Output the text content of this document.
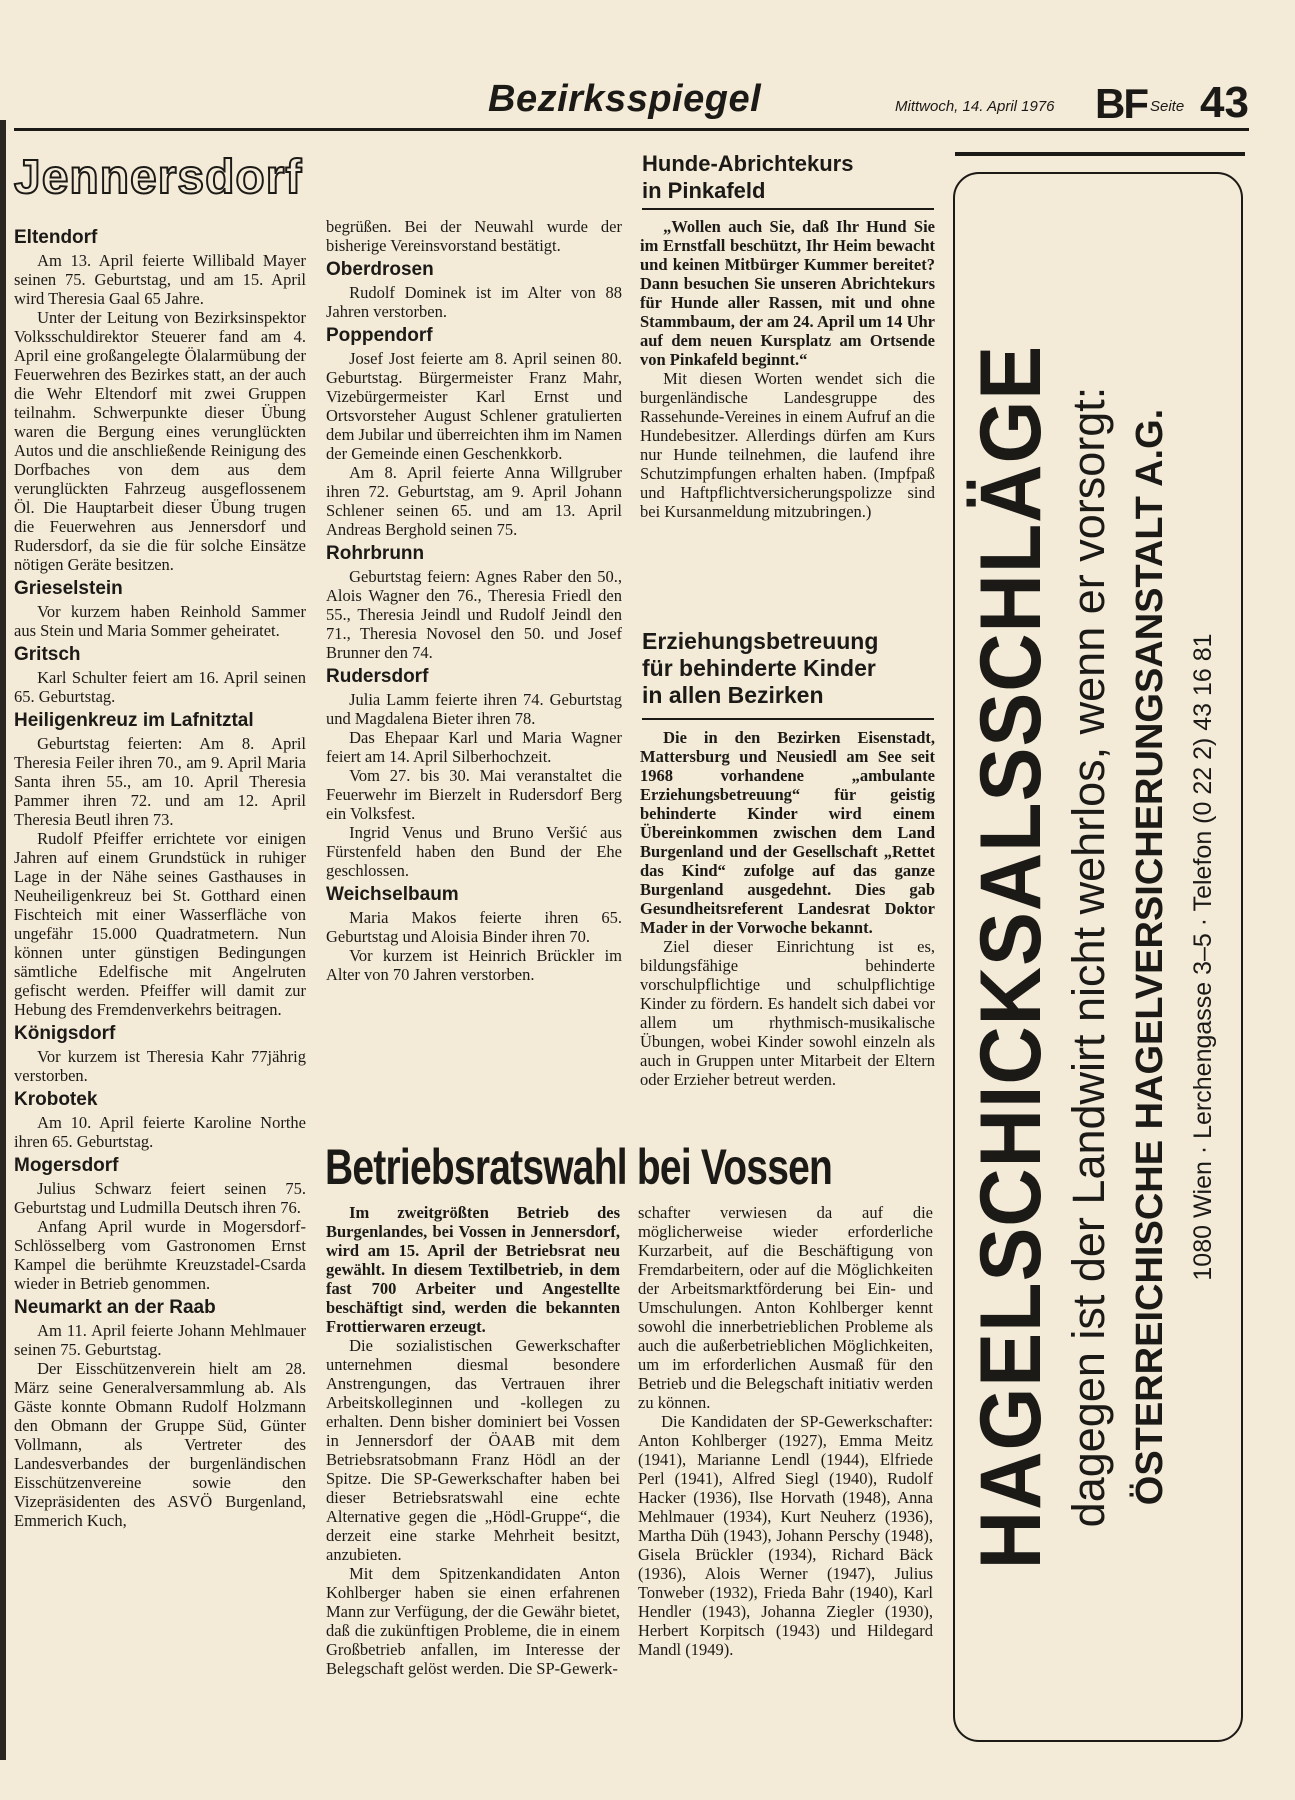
Bezirksspiegel	Mittwoch, 14. April 1976 BF Seite 43
Jennersdorf
Eltendorf

Am 13. April feierte Willibald Mayer seinen 75. Geburtstag, und am 15. April wird Theresia Gaal 65 Jahre.

Unter der Leitung von Bezirksinspektor Volksschuldirektor Steuerer fand am 4. April eine großangelegte Ölalarmübung der Feuerwehren des Bezirkes statt, an der auch die Wehr Eltendorf mit zwei Gruppen teilnahm. Schwerpunkte dieser Übung waren die Bergung eines verunglückten Autos und die anschließende Reinigung des Dorfbaches von dem aus dem verunglückten Fahrzeug ausgeflossenem Öl. Die Hauptarbeit dieser Übung trugen die Feuerwehren aus Jennersdorf und Rudersdorf, da sie die für solche Einsätze nötigen Geräte besitzen.

Grieselstein

Vor kurzem haben Reinhold Sammer aus Stein und Maria Sommer geheiratet.

Gritsch

Karl Schulter feiert am 16. April seinen 65. Geburtstag.

Heiligenkreuz im Lafnitztal

Geburtstag feierten: Am 8. April Theresia Feiler ihren 70., am 9. April Maria Santa ihren 55., am 10. April Theresia Pammer ihren 72. und am 12. April Theresia Beutl ihren 73.

Rudolf Pfeiffer errichtete vor einigen Jahren auf einem Grundstück in ruhiger Lage in der Nähe seines Gasthauses in Neuheiligenkreuz bei St. Gotthard einen Fischteich mit einer Wasserfläche von ungefähr 15.000 Quadratmetern. Nun können unter günstigen Bedingungen sämtliche Edelfische mit Angelruten gefischt werden. Pfeiffer will damit zur Hebung des Fremdenverkehrs beitragen.

Königsdorf

Vor kurzem ist Theresia Kahr 77jährig verstorben.

Krobotek

Am 10. April feierte Karoline Northe ihren 65. Geburtstag.

Mogersdorf

Julius Schwarz feiert seinen 75. Geburtstag und Ludmilla Deutsch ihren 76.

Anfang April wurde in Mogersdorf-Schlösselberg vom Gastronomen Ernst Kampel die berühmte Kreuzstadel-Csarda wieder in Betrieb genommen.

Neumarkt an der Raab

Am 11. April feierte Johann Mehlmauer seinen 75. Geburtstag.

Der Eisschützenverein hielt am 28. März seine Generalversammlung ab. Als Gäste konnte Obmann Rudolf Holzmann den Obmann der Gruppe Süd, Günter Vollmann, als Vertreter des Landesverbandes der burgenländischen Eisschützenvereine sowie den Vizepräsidenten des ASVÖ Burgenland, Emmerich Kuch,

begrüßen. Bei der Neuwahl wurde der bisherige Vereinsvorstand bestätigt.

Oberdrosen

Rudolf Dominek ist im Alter von 88 Jahren verstorben.

Poppendorf

Josef Jost feierte am 8. April seinen 80. Geburtstag. Bürgermeister Franz Mahr, Vizebürgermeister Karl Ernst und Ortsvorsteher August Schlener gratulierten dem Jubilar und überreichten ihm im Namen der Gemeinde einen Geschenkkorb.

Am 8. April feierte Anna Willgruber ihren 72. Geburtstag, am 9. April Johann Schlener seinen 65. und am 13. April Andreas Berghold seinen 75.

Rohrbrunn

Geburtstag feiern: Agnes Raber den 50., Alois Wagner den 76., Theresia Friedl den 55., Theresia Jeindl und Rudolf Jeindl den 71., Theresia Novosel den 50. und Josef Brunner den 74.

Rudersdorf

Julia Lamm feierte ihren 74. Geburtstag und Magdalena Bieter ihren 78.

Das Ehepaar Karl und Maria Wagner feiert am 14. April Silberhochzeit.

Vom 27. bis 30. Mai veranstaltet die Feuerwehr im Bierzelt in Rudersdorf Berg ein Volksfest.

Ingrid Venus und Bruno Veršić aus Fürstenfeld haben den Bund der Ehe geschlossen.

Weichselbaum

Maria Makos feierte ihren 65. Geburtstag und Aloisia Binder ihren 70.

Vor kurzem ist Heinrich Brückler im Alter von 70 Jahren verstorben.

Hunde-Abrichtekurs
in Pinkafeld

„Wollen auch Sie, daß Ihr Hund Sie im Ernstfall beschützt, Ihr Heim bewacht und keinen Mitbürger Kummer bereitet? Dann besuchen Sie unseren Abrichtekurs für Hunde aller Rassen, mit und ohne Stammbaum, der am 24. April um 14 Uhr auf dem neuen Kursplatz am Ortsende von Pinkafeld beginnt.“

Mit diesen Worten wendet sich die burgenländische Landesgruppe des Rassehunde-Vereines in einem Aufruf an die Hundebesitzer. Allerdings dürfen am Kurs nur Hunde teilnehmen, die laufend ihre Schutzimpfungen erhalten haben. (Impfpaß und Haftpflichtversicherungspolizze sind bei Kursanmeldung mitzubringen.)

Erziehungsbetreuung
für behinderte Kinder
in allen Bezirken

Die in den Bezirken Eisenstadt, Mattersburg und Neusiedl am See seit 1968 vorhandene „ambulante Erziehungsbetreuung“ für geistig behinderte Kinder wird einem Übereinkommen zwischen dem Land Burgenland und der Gesellschaft „Rettet das Kind“ zufolge auf das ganze Burgenland ausgedehnt. Dies gab Gesundheitsreferent Landesrat Doktor Mader in der Vorwoche bekannt.

Ziel dieser Einrichtung ist es, bildungsfähige behinderte vorschulpflichtige und schulpflichtige Kinder zu fördern. Es handelt sich dabei vor allem um rhythmisch-musikalische Übungen, wobei Kinder sowohl einzeln als auch in Gruppen unter Mitarbeit der Eltern oder Erzieher betreut werden.

Betriebsratswahl bei Vossen

Im zweitgrößten Betrieb des Burgenlandes, bei Vossen in Jennersdorf, wird am 15. April der Betriebsrat neu gewählt. In diesem Textilbetrieb, in dem fast 700 Arbeiter und Angestellte beschäftigt sind, werden die bekannten Frottierwaren erzeugt.

Die sozialistischen Gewerkschafter unternehmen diesmal besondere Anstrengungen, das Vertrauen ihrer Arbeitskolleginnen und -kollegen zu erhalten. Denn bisher dominiert bei Vossen in Jennersdorf der ÖAAB mit dem Betriebsratsobmann Franz Hödl an der Spitze. Die SP-Gewerkschafter haben bei dieser Betriebsratswahl eine echte Alternative gegen die „Hödl-Gruppe“, die derzeit eine starke Mehrheit besitzt, anzubieten.

Mit dem Spitzenkandidaten Anton Kohlberger haben sie einen erfahrenen Mann zur Verfügung, der die Gewähr bietet, daß die zukünftigen Probleme, die in einem Großbetrieb anfallen, im Interesse der Belegschaft gelöst werden. Die SP-Gewerk-

schafter verwiesen da auf die möglicherweise wieder erforderliche Kurzarbeit, auf die Beschäftigung von Fremdarbeitern, oder auf die Möglichkeiten der Arbeitsmarktförderung bei Ein- und Umschulungen. Anton Kohlberger kennt sowohl die innerbetrieblichen Probleme als auch die außerbetrieblichen Möglichkeiten, um im erforderlichen Ausmaß für den Betrieb und die Belegschaft initiativ werden zu können.

Die Kandidaten der SP-Gewerkschafter: Anton Kohlberger (1927), Emma Meitz (1941), Marianne Lendl (1944), Elfriede Perl (1941), Alfred Siegl (1940), Rudolf Hacker (1936), Ilse Horvath (1948), Anna Mehlmauer (1934), Kurt Neuherz (1936), Martha Düh (1943), Johann Perschy (1948), Gisela Brückler (1934), Richard Bäck (1936), Alois Werner (1947), Julius Tonweber (1932), Frieda Bahr (1940), Karl Hendler (1943), Johanna Ziegler (1930), Herbert Korpitsch (1943) und Hildegard Mandl (1949).

HAGELSCHICKSALSSCHLÄGE dagegen ist der Landwirt nicht wehrlos, wenn er vorsorgt: ÖSTERREICHISCHE HAGELVERSICHERUNGSANSTALT A.G. 1080 Wien · Lerchengasse 3–5 · Telefon (0 22 2) 43 16 81
